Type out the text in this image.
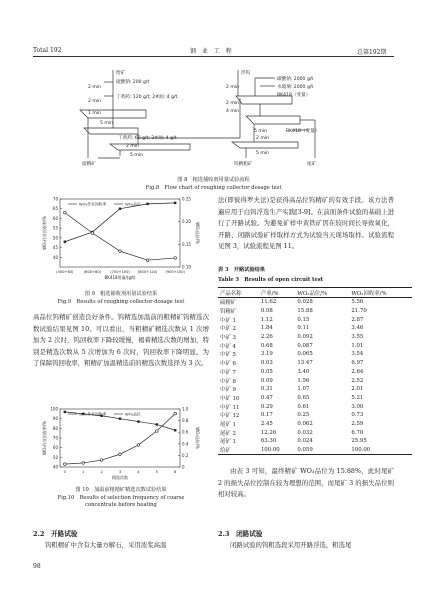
Total 192	钢 业 工 程	总第192期
给矿
硫酸钠: 200 g/t
丁黄药: 120 g/t; 2#油: 4 g/t
丁黄药: 60 g/t; 2#油: 4 g/t
2 min
2 min
1 min
5 min
2 min
5 min
硫精矿
浮钨
碳酸钠: 2000 g/t
水玻璃: 2000 g/t
BK418（变量）
BK418（变量）
2 min
2 min
4 min
5 min
2 min
5 min
钨精粗矿	尾矿
图 8　粗选捕收剂用量试验流程
Fig.8　Flow chart of roughing collector dosage test
40
45
50
55
60
65
70
0.10
0.15
0.20
0.25
(500+60)	(600+80)	(700+100) (800+120) (900+150)
BK418用量/(g/t)
WO₃作业回收率/%	WO₃品位/%
WO₃作业回收率	WO₃品位
图 9　粗选捕收剂用量试验结果
Fig.9　Results of roughing collector dosage test

高品位钨精矿创造良好条件。钨精选加温前的粗精矿钨精选次数试验结果见图 10。可以看出，当粗精矿精选次数从 1 次增加为 2 次时，钨回收率下降较缓慢，褐着精选次数的增加，特别是精选次数从 5 次增加为 6 次时，钨回收率下降明显。为了保障钨回收率，粗精矿加温精选前的精选次数选择为 3 次。

40
50
60
70
80
90
100
0
0.2
0.4
0.6
0.8
1.0
0	1	2	3	4	5	6
精选次数
WO₃作业回收率/%	WO₃品位/%
WO₃作业回收率	WO₃品位
图 10　加温前粗精矿精选次数试验结果
Fig.10　Results of selection frequency of coarse
concentrate before heating
2.2　开路试验

钨粗精矿中含有大量方解石，采用浓浆高温

法(即彼得罗夫法)是获得高品位钨精矿的有效手段。该方法普遍应用于白钨浮选生产实践[3-9]。在前面条件试验的基础上进行了开路试验。为避免矿样中黄铁矿因在较时间长导致氧化，开路、闭路试验矿样取样方式为试验当天现场取样。试验流程见图 3，试验流程见图 11。

表 3　开路试验结果
Table 3　Results of open circuit test
产品名称	产率/%	WO₃品位/%	WO₃回收率/%
硫精矿	11.62	0.028	5.56
钨精矿	0.08	15.88	21.70
中矿 1	1.12	0.15	2.87
中矿 2	1.84	0.11	3.46
中矿 3	2.26	0.092	3.55
中矿 4	0.68	0.087	1.01
中矿 5	3.19	0.065	3.54
中矿 6	0.03	13.47	6.97
中矿 7	0.05	3.40	2.64
中矿 8	0.09	1.56	2.52
中矿 9	0.31	1.07	2.01
中矿 10	0.47	0.65	5.21
中矿 11	0.29	0.61	3.00
中矿 12	0.17	0.25	0.73
尾矿 1	2.45	0.062	2.59
尾矿 2	12.26	0.032	6.70
尾矿 1	63.30	0.024	25.95
给矿	100.00	0.059	100.00

由表 3 可知，最终精矿 WO₃品位为 15.88%，此时尾矿 2 的损失品位控制在较为理想的范围，而尾矿 3 的损失品位则相对较高。

2.3　闭路试验

闭路试验的钨粗选段采用开路浮选，粗选尾

98
